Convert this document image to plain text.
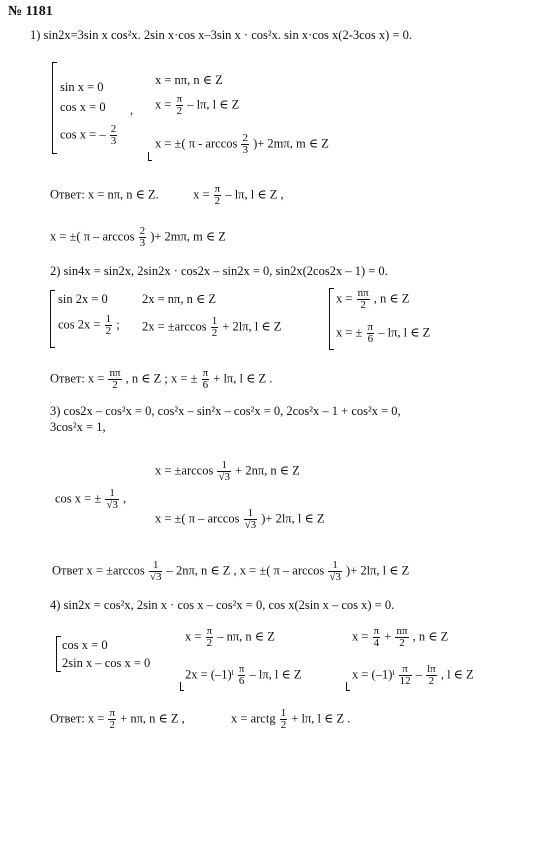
№ 1181
1) sin2x=3sin x cos²x. 2sin x·cos x–3sin x · cos²x. sin x·cos x(2-3cos x) = 0.
sin x = 0
cos x = 0
cos x = – $\frac{2}{3}$
,
x = nπ, n ∈ Z
$x = \frac{\pi}{2} - l\pi$, l ∈ Z
x = ±( π - $\arccos \frac{2}{3}$ )+ 2mπ, m ∈ Z
Ответ: x = nπ, n ∈ Z.	$x = \frac{\pi}{2} - l\pi$, l ∈ Z ,
x = ±( π – $\arccos \frac{2}{3}$ )+ 2mπ, m ∈ Z
2) sin4x = sin2x, 2sin2x · cos2x – sin2x = 0, sin2x(2cos2x – 1) = 0.
sin 2x = 0
$\cos 2x = \frac{1}{2}$ ;
2x = nπ, n ∈ Z
$2x = \pm\arccos \frac{1}{2} + 2l\pi$, l ∈ Z
$x = \frac{n\pi}{2}$ , n ∈ Z
x = ± $\frac{\pi}{6}$ – lπ, l ∈ Z
Ответ: $x = \frac{n\pi}{2}$ , n ∈ Z ; x = ± $\frac{\pi}{6} + l\pi$, l ∈ Z .
3) cos2x – cos²x = 0, cos²x – sin²x – cos²x = 0, 2cos²x – 1 + cos²x = 0,
3cos²x = 1,
cos x = ± $\frac{1}{√3}$ ,
$x = \pm\arccos \frac{1}{√3} + 2n\pi$, n ∈ Z
x = ±( π – $\arccos \frac{1}{√3}$ )+ 2lπ, l ∈ Z
Ответ $x = \pm\arccos \frac{1}{√3} - 2n\pi$, n ∈ Z , x = ±( π – $\arccos \frac{1}{√3}$ )+ 2lπ, l ∈ Z
4) sin2x = cos²x, 2sin x · cos x – cos²x = 0, cos x(2sin x – cos x) = 0.
cos x = 0
2sin x – cos x = 0
$x = \frac{\pi}{2} - n\pi$, n ∈ Z
2x = (–1)ˡ $\frac{\pi}{6}$ – lπ, l ∈ Z
$x = \frac{\pi}{4} + \frac{n\pi}{2}$ , n ∈ Z
x = (–1)ˡ $\frac{\pi}{12} - \frac{l\pi}{2}$ , l ∈ Z
Ответ: $x = \frac{\pi}{2} + n\pi$, n ∈ Z ,	x = arctg $\frac{1}{2} + l\pi$, l ∈ Z .
